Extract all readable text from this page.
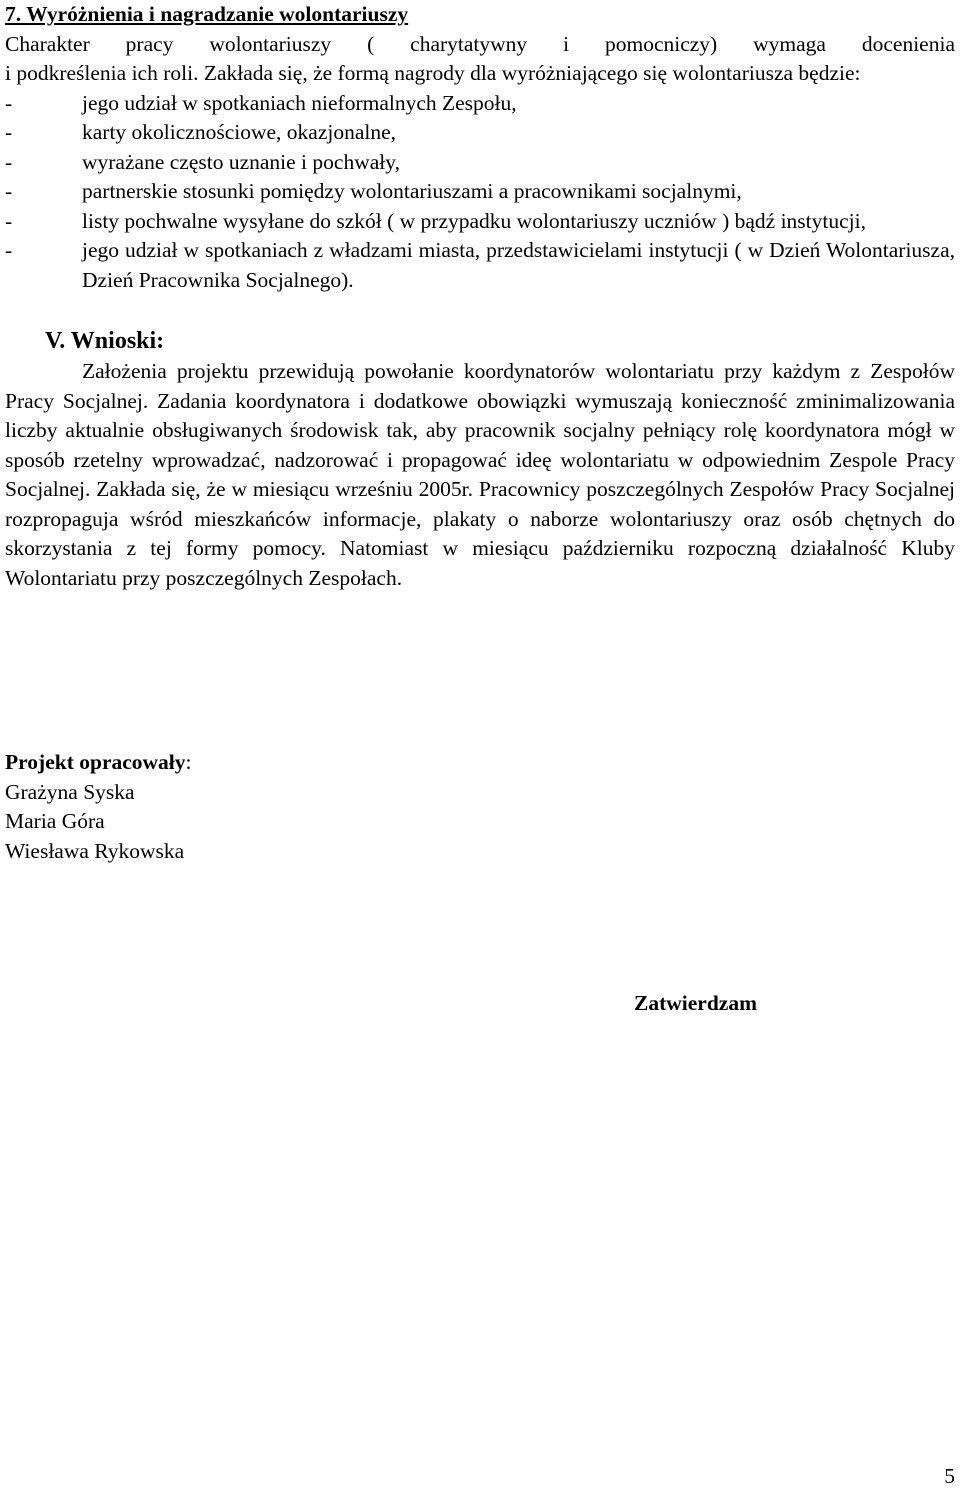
7. Wyróżnienia i nagradzanie wolontariuszy

Charakter pracy wolontariuszy ( charytatywny i pomocniczy) wymaga docenienia

i podkreślenia ich roli. Zakłada się, że formą nagrody dla wyróżniającego się wolontariusza będzie:

-	jego udział w spotkaniach nieformalnych Zespołu,
-	karty okolicznościowe, okazjonalne,
-	wyrażane często uznanie i pochwały,
-	partnerskie stosunki pomiędzy wolontariuszami a pracownikami socjalnymi,
-	listy pochwalne wysyłane do szkół ( w przypadku wolontariuszy uczniów ) bądź instytucji,
-	jego udział w spotkaniach z władzami miasta, przedstawicielami instytucji ( w Dzień Wolontariusza, Dzień Pracownika Socjalnego).

V. Wnioski:

Założenia projektu przewidują powołanie koordynatorów wolontariatu przy każdym z Zespołów Pracy Socjalnej. Zadania koordynatora i dodatkowe obowiązki wymuszają konieczność zminimalizowania liczby aktualnie obsługiwanych środowisk tak, aby pracownik socjalny pełniący rolę koordynatora mógł w sposób rzetelny wprowadzać, nadzorować i propagować ideę wolontariatu w odpowiednim Zespole Pracy Socjalnej. Zakłada się, że w miesiącu wrześniu 2005r. Pracownicy poszczególnych Zespołów Pracy Socjalnej rozpropaguja wśród mieszkańców informacje, plakaty o naborze wolontariuszy oraz osób chętnych do skorzystania z tej formy pomocy. Natomiast w miesiącu październiku rozpoczną działalność Kluby Wolontariatu przy poszczególnych Zespołach.

Projekt opracowały:
Grażyna Syska
Maria Góra
Wiesława Rykowska
Zatwierdzam
5
